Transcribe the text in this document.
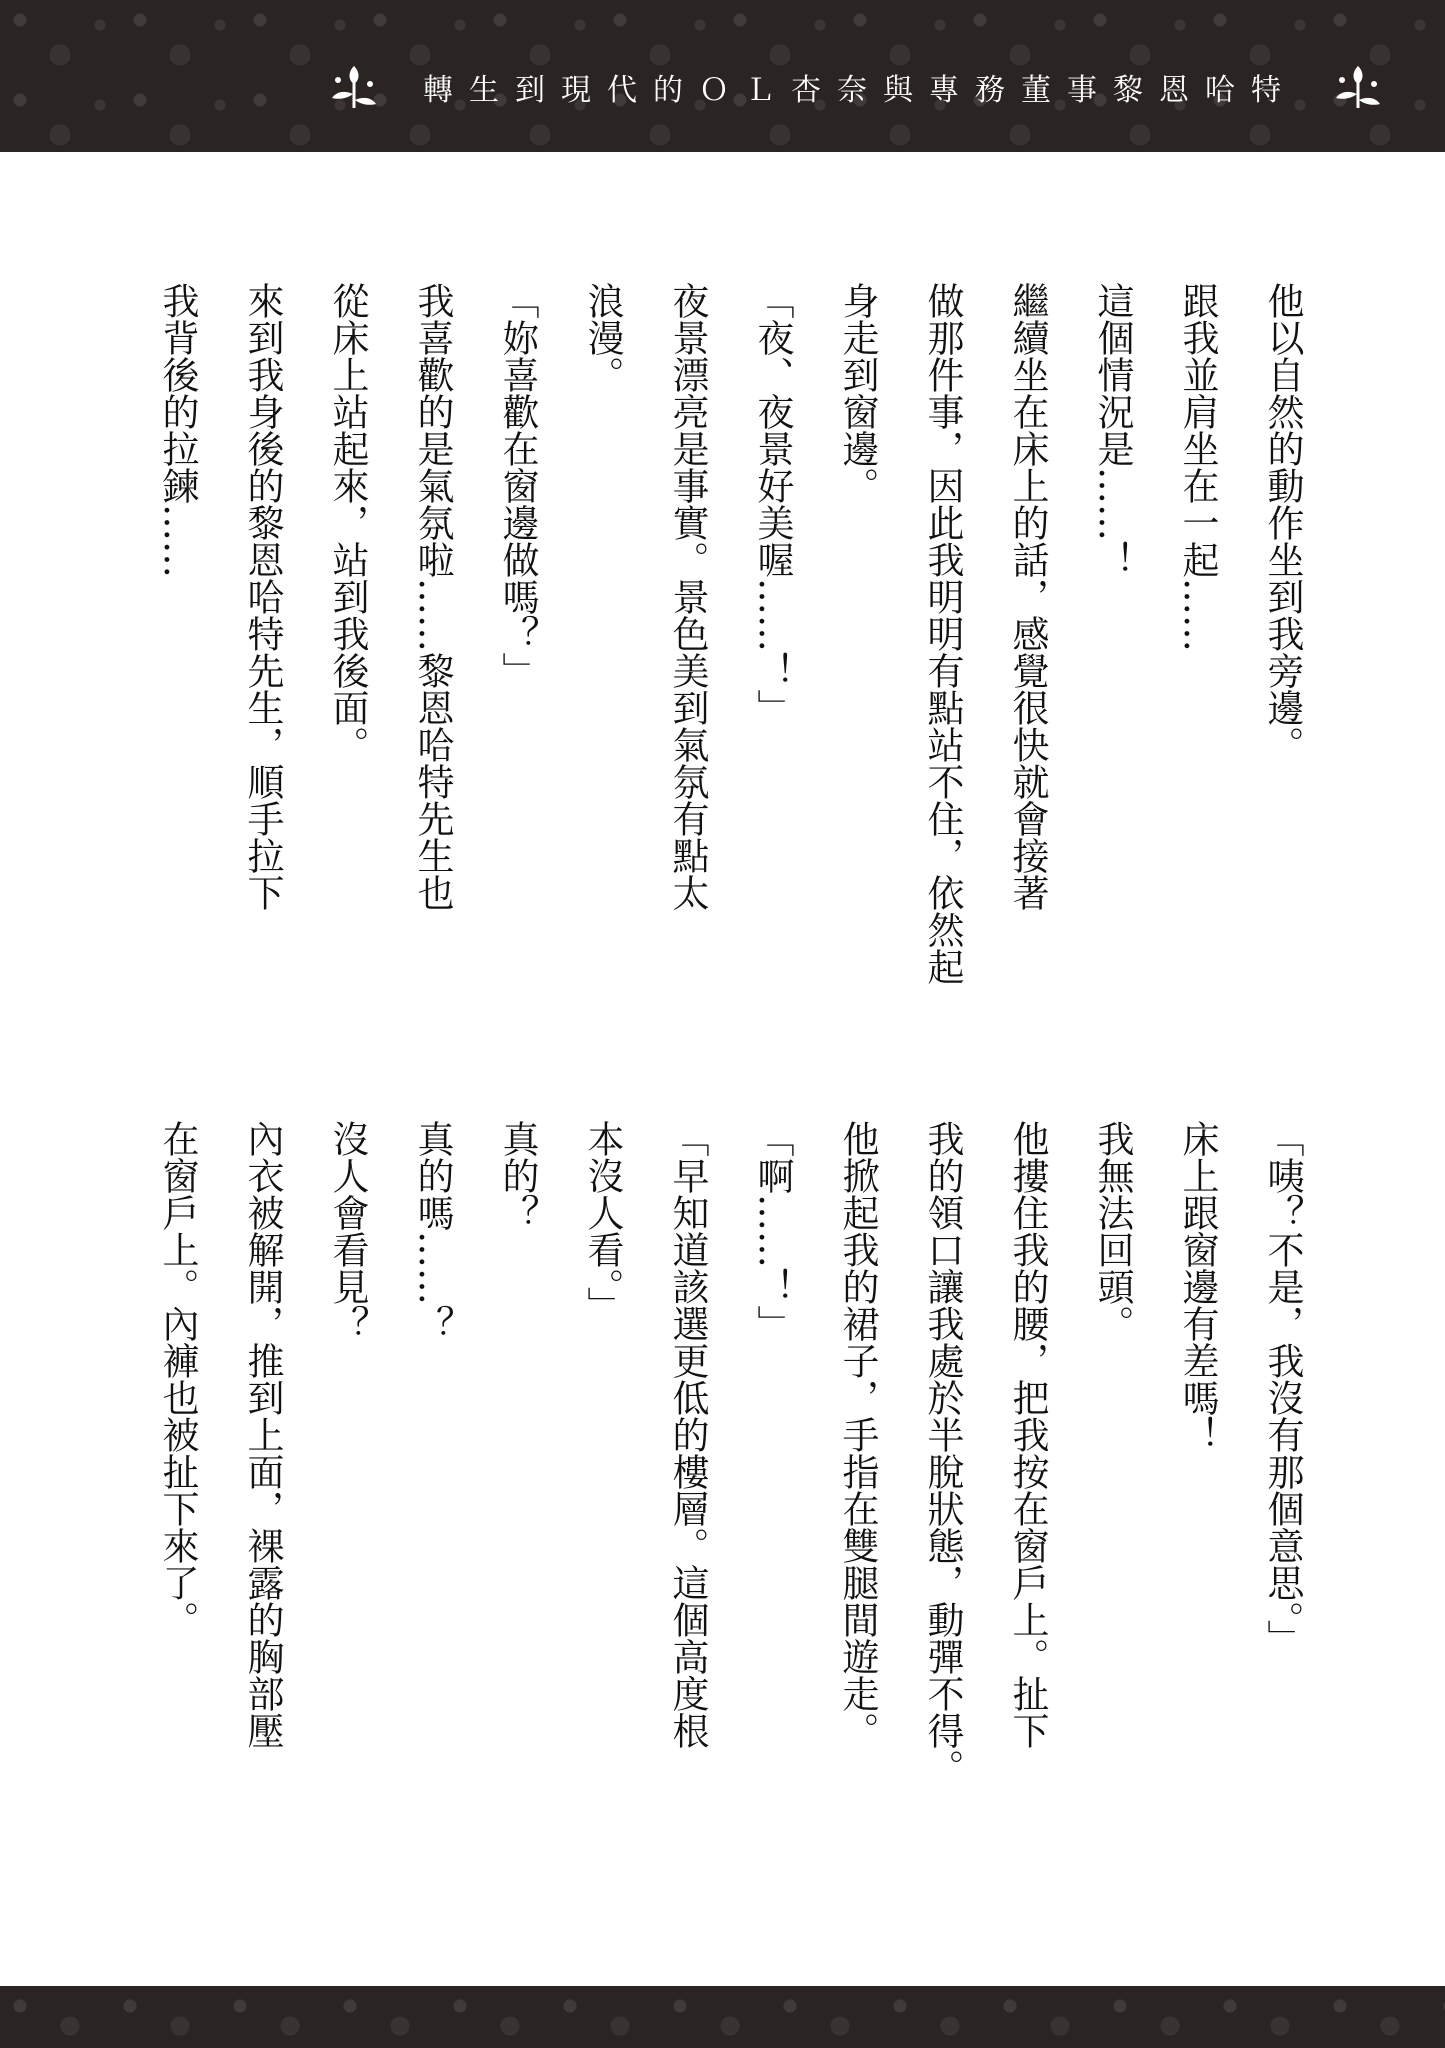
轉生到現代的ＯＬ杏奈與專務董事黎恩哈特
他以自然的動作坐到我旁邊。
跟我並肩坐在一起……
這個情況是……！
繼續坐在床上的話，感覺很快就會接著
做那件事，因此我明明有點站不住，依然起
身走到窗邊。
「夜、夜景好美喔……！」
夜景漂亮是事實。景色美到氣氛有點太
浪漫。
「妳喜歡在窗邊做嗎？」
我喜歡的是氣氛啦……黎恩哈特先生也
從床上站起來，站到我後面。
來到我身後的黎恩哈特先生，順手拉下
我背後的拉鍊……
「咦？不是，我沒有那個意思。」
床上跟窗邊有差嗎！
我無法回頭。
他摟住我的腰，把我按在窗戶上。扯下
我的領口讓我處於半脫狀態，動彈不得。
他掀起我的裙子，手指在雙腿間遊走。
「啊……！」
「早知道該選更低的樓層。這個高度根
本沒人看。」
真的？
真的嗎……？
沒人會看見？
內衣被解開，推到上面，裸露的胸部壓
在窗戶上。內褲也被扯下來了。
